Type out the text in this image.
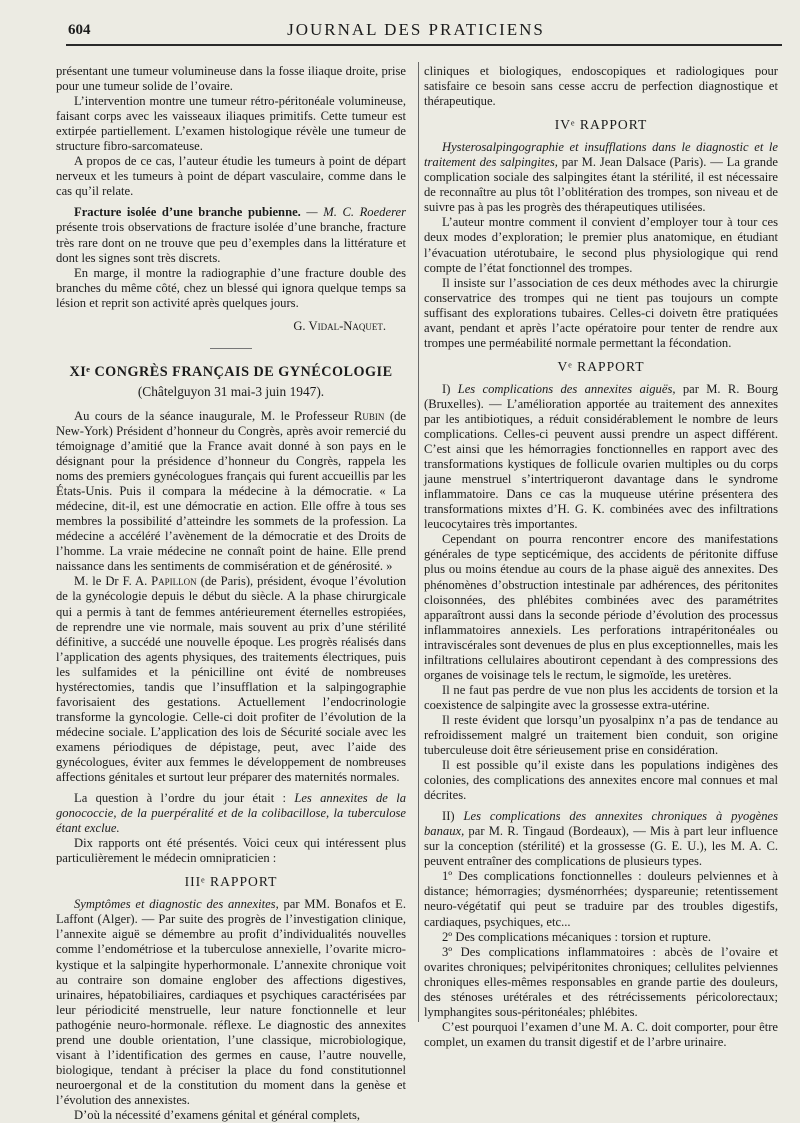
604	JOURNAL DES PRATICIENS

présentant une tumeur volumineuse dans la fosse iliaque droite, prise pour une tumeur solide de l’ovaire.

L’intervention montre une tumeur rétro-péritonéale volumineuse, faisant corps avec les vaisseaux iliaques primitifs. Cette tumeur est extirpée partiellement. L’examen histologique révèle une tumeur de structure fibro-sarcomateuse.

A propos de ce cas, l’auteur étudie les tumeurs à point de départ nerveux et les tumeurs à point de départ vasculaire, comme dans le cas qu’il relate.

Fracture isolée d’une branche pubienne. — M. C. Roederer présente trois observations de fracture isolée d’une branche, fracture très rare dont on ne trouve que peu d’exemples dans la littérature et dont les signes sont très discrets.

En marge, il montre la radiographie d’une fracture double des branches du même côté, chez un blessé qui ignora quelque temps sa lésion et reprit son activité après quelques jours.

G. Vidal-Naquet.

XIᵉ CONGRÈS FRANÇAIS DE GYNÉCOLOGIE
(Châtelguyon 31 mai-3 juin 1947).

Au cours de la séance inaugurale, M. le Professeur Rubin (de New-York) Président d’honneur du Congrès, après avoir remercié du témoignage d’amitié que la France avait donné à son pays en le désignant pour la présidence d’honneur du Congrès, rappela les noms des premiers gynécologues français qui furent accueillis par les États-Unis. Puis il compara la médecine à la démocratie. « La médecine, dit-il, est une démocratie en action. Elle offre à tous ses membres la possibilité d’atteindre les sommets de la profession. La médecine a accéléré l’avènement de la démocratie et des Droits de l’homme. La vraie médecine ne connaît point de haine. Elle prend naissance dans les sentiments de commisération et de générosité. »

M. le Dr F. A. Papillon (de Paris), président, évoque l’évolution de la gynécologie depuis le début du siècle. A la phase chirurgicale qui a permis à tant de femmes antérieurement éternelles estropiées, de reprendre une vie normale, mais souvent au prix d’une stérilité définitive, a succédé une nouvelle époque. Les progrès réalisés dans l’application des agents physiques, des traitements électriques, puis les sulfamides et la pénicilline ont évité de nombreuses hystérectomies, tandis que l’insufflation et la salpingographie favorisaient des gestations. Actuellement l’endocrinologie transforme la gyncologie. Celle-ci doit profiter de l’évolution de la médecine sociale. L’application des lois de Sécurité sociale avec les examens périodiques de dépistage, peut, avec l’aide des gynécologues, éviter aux femmes le développement de nombreuses affections génitales et surtout leur préparer des maternités normales.

La question à l’ordre du jour était : Les annexites de la gonococcie, de la puerpéralité et de la colibacillose, la tuberculose étant exclue.

Dix rapports ont été présentés. Voici ceux qui intéressent plus particulièrement le médecin omnipraticien :

IIIᵉ RAPPORT

Symptômes et diagnostic des annexites, par MM. Bonafos et E. Laffont (Alger). — Par suite des progrès de l’investigation clinique, l’annexite aiguë se démembre au profit d’individualités nouvelles comme l’endométriose et la tuberculose annexielle, l’ovarite micro-kystique et la salpingite hyperhormonale. L’annexite chronique voit au contraire son domaine englober des affections digestives, urinaires, hépatobiliaires, cardiaques et psychiques caractérisées par leur périodicité menstruelle, leur nature fonctionnelle et leur pathogénie neuro-hormonale. réflexe. Le diagnostic des annexites prend une double orientation, l’une classique, microbiologique, visant à l’identification des germes en cause, l’autre nouvelle, biologique, tendant à préciser la place du fond constitutionnel neuroergonal et de la constitution du moment dans la genèse et l’évolution des annexistes.

D’où la nécessité d’examens génital et général complets,

cliniques et biologiques, endoscopiques et radiologiques pour satisfaire ce besoin sans cesse accru de perfection diagnostique et thérapeutique.

IVᵉ RAPPORT

Hysterosalpingographie et insufflations dans le diagnostic et le traitement des salpingites, par M. Jean Dalsace (Paris). — La grande complication sociale des salpingites étant la stérilité, il est nécessaire de reconnaître au plus tôt l’oblitération des trompes, son niveau et de suivre pas à pas les progrès des thérapeutiques utilisées.

L’auteur montre comment il convient d’employer tour à tour ces deux modes d’exploration; le premier plus anatomique, en étudiant l’évacuation utérotubaire, le second plus physiologique qui rend compte de l’état fonctionnel des trompes.

Il insiste sur l’association de ces deux méthodes avec la chirurgie conservatrice des trompes qui ne tient pas toujours un compte suffisant des explorations tubaires. Celles-ci doivetn être pratiquées avant, pendant et après l’acte opératoire pour tenter de rendre aux trompes une perméabilité normale permettant la fécondation.

Vᵉ RAPPORT

I) Les complications des annexites aiguës, par M. R. Bourg (Bruxelles). — L’amélioration apportée au traitement des annexites par les antibiotiques, a réduit considérablement le nombre de leurs complications. Celles-ci peuvent aussi prendre un aspect différent. C’est ainsi que les hémorragies fonctionnelles en rapport avec des transformations kystiques de follicule ovarien multiples ou du corps jaune menstruel s’intertriqueront davantage dans le syndrome inflammatoire. Dans ce cas la muqueuse utérine présentera des transformations mixtes d’H. G. K. combinées avec des infiltrations leucocytaires très importantes.

Cependant on pourra rencontrer encore des manifestations générales de type septicémique, des accidents de péritonite diffuse plus ou moins étendue au cours de la phase aiguë des annexites. Des phénomènes d’obstruction intestinale par adhérences, des péritonites cloisonnées, des phlébites combinées avec des paramétrites apparaîtront aussi dans la seconde période d’évolution des processus inflammatoires annexiels. Les perforations intrapéritonéales ou intraviscérales sont devenues de plus en plus exceptionnelles, mais les infiltrations cellulaires aboutiront cependant à des compressions des organes de voisinage tels le rectum, le sigmoïde, les uretères.

Il ne faut pas perdre de vue non plus les accidents de torsion et la coexistence de salpingite avec la grossesse extra-utérine.

Il reste évident que lorsqu’un pyosalpinx n’a pas de tendance au refroidissement malgré un traitement bien conduit, son origine tuberculeuse doit être sérieusement prise en considération.

Il est possible qu’il existe dans les populations indigènes des colonies, des complications des annexites encore mal connues et mal décrites.

II) Les complications des annexites chroniques à pyogènes banaux, par M. R. Tingaud (Bordeaux), — Mis à part leur influence sur la conception (stérilité) et la grossesse (G. E. U.), les M. A. C. peuvent entraîner des complications de plusieurs types.

1º Des complications fonctionnelles : douleurs pelviennes et à distance; hémorragies; dysménorrhées; dyspareunie; retentissement neuro-végétatif qui peut se traduire par des troubles digestifs, cardiaques, psychiques, etc...

2º Des complications mécaniques : torsion et rupture.

3º Des complications inflammatoires : abcès de l’ovaire et ovarites chroniques; pelvipéritonites chroniques; cellulites pelviennes chroniques elles-mêmes responsables en grande partie des douleurs, des sténoses urétérales et des rétrécissements péricolorectaux; lymphangites sous-péritonéales; phlébites.

C’est pourquoi l’examen d’une M. A. C. doit comporter, pour être complet, un examen du transit digestif et de l’arbre urinaire.
